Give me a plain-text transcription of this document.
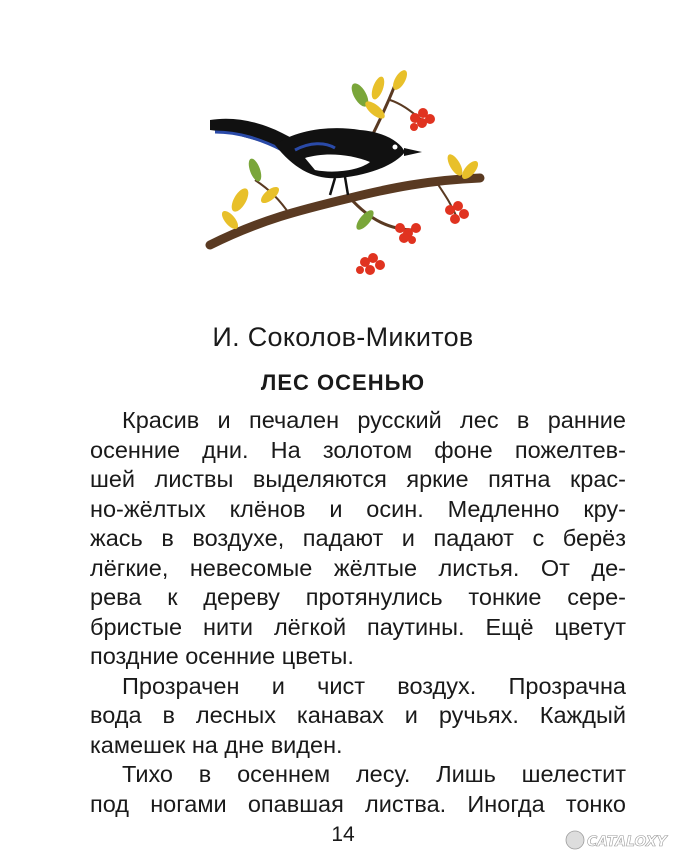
И. Соколов-Микитов
ЛЕС ОСЕНЬЮ
Красив и печален русский лес в ранние
осенние дни. На золотом фоне пожелтев-
шей листвы выделяются яркие пятна крас-
но-жёлтых клёнов и осин. Медленно кру-
жась в воздухе, падают и падают с берёз
лёгкие, невесомые жёлтые листья. От де-
рева к дереву протянулись тонкие сере-
бристые нити лёгкой паутины. Ещё цветут
поздние осенние цветы.
Прозрачен и чист воздух. Прозрачна
вода в лесных канавах и ручьях. Каждый
камешек на дне виден.
Тихо в осеннем лесу. Лишь шелестит
под ногами опавшая листва. Иногда тонко
14	CATALOXY
